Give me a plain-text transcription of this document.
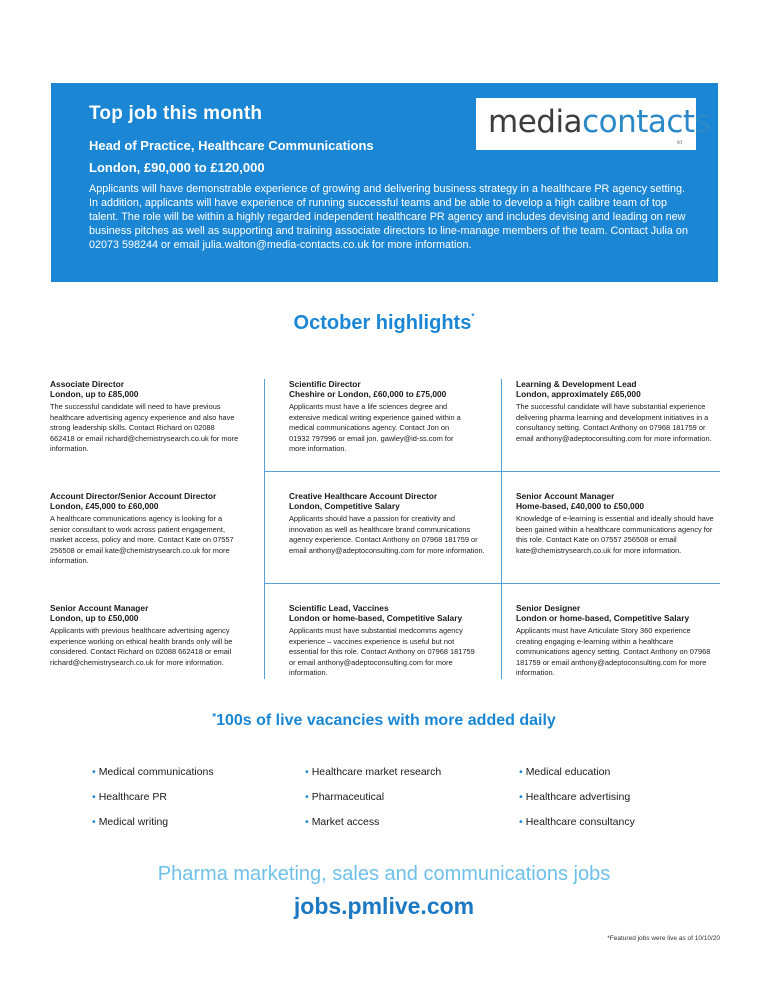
Top job this month
Head of Practice, Healthcare Communications
London, £90,000 to £120,000
Applicants will have demonstrable experience of growing and delivering business strategy in a healthcare PR agency setting. In addition, applicants will have experience of running successful teams and be able to develop a high calibre team of top talent. The role will be within a highly regarded independent healthcare PR agency and includes devising and leading on new business pitches as well as supporting and training associate directors to line-manage members of the team. Contact Julia on 02073 598244 or email julia.walton@media-contacts.co.uk for more information.
mediacontacts
ltd
October highlights*
Associate Director
London, up to £85,000
The successful candidate will need to have previous healthcare advertising agency experience and also have strong leadership skills. Contact Richard on 02088 662418 or email richard@chemistrysearch.co.uk for more information.
Scientific Director
Cheshire or London, £60,000 to £75,000
Applicants must have a life sciences degree and extensive medical writing experience gained within a medical communications agency. Contact Jon on 01932 797996 or email jon. gawley@id-ss.com for more information.
Learning & Development Lead
London, approximately £65,000
The successful candidate will have substantial experience delivering pharma learning and development initiatives in a consultancy setting. Contact Anthony on 07968 181759 or email anthony@adeptoconsulting.com for more information.
Account Director/Senior Account Director
London, £45,000 to £60,000
A healthcare communications agency is looking for a senior consultant to work across patient engagement, market access, policy and more. Contact Kate on 07557 256508 or email kate@chemistrysearch.co.uk for more information.
Creative Healthcare Account Director
London, Competitive Salary
Applicants should have a passion for creativity and innovation as well as healthcare brand communications agency experience. Contact Anthony on 07968 181759 or email anthony@adeptoconsulting.com for more information.
Senior Account Manager
Home-based, £40,000 to £50,000
Knowledge of e-learning is essential and ideally should have been gained within a healthcare communications agency for this role. Contact Kate on 07557 256508 or email kate@chemistrysearch.co.uk for more information.
Senior Account Manager
London, up to £50,000
Applicants with previous healthcare advertising agency experience working on ethical health brands only will be considered. Contact Richard on 02088 662418 or email richard@chemistrysearch.co.uk for more information.
Scientific Lead, Vaccines
London or home-based, Competitive Salary
Applicants must have substantial medcomms agency experience – vaccines experience is useful but not essential for this role. Contact Anthony on 07968 181759 or email anthony@adeptoconsulting.com for more information.
Senior Designer
London or home-based, Competitive Salary
Applicants must have Articulate Story 360 experience creating engaging e-learning within a healthcare communications agency setting. Contact Anthony on 07968 181759 or email anthony@adeptoconsulting.com for more information.
*100s of live vacancies with more added daily
• Medical communications	• Healthcare market research	• Medical education
• Healthcare PR	• Pharmaceutical	• Healthcare advertising
• Medical writing	• Market access	• Healthcare consultancy
Pharma marketing, sales and communications jobs
jobs.pmlive.com
*Featured jobs were live as of 10/10/20
